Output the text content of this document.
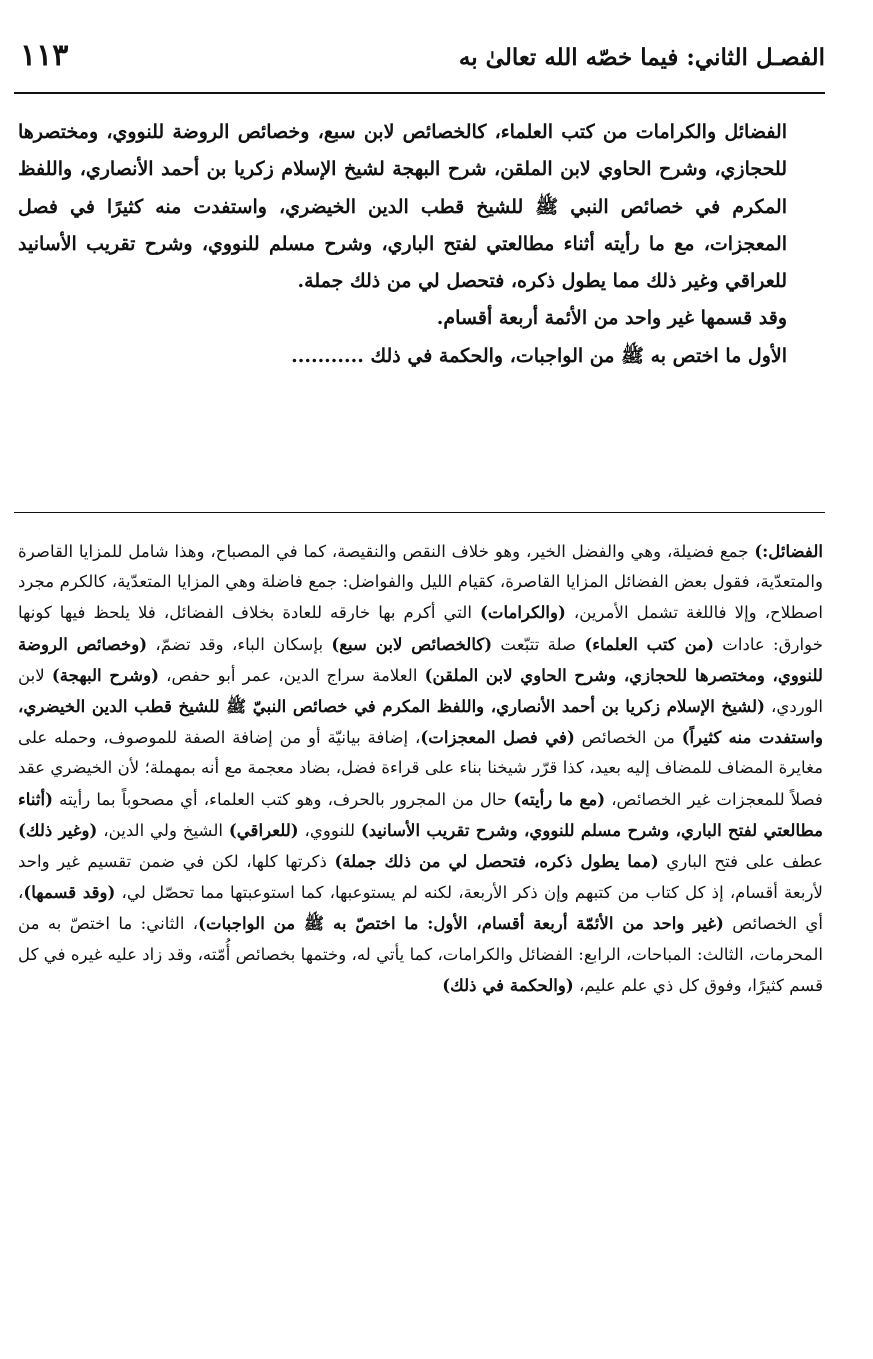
الفصـل الثاني: فيما خصّه الله تعالىٰ به
١١٣

الفضائل والكرامات من كتب العلماء، كالخصائص لابن سبع، وخصائص الروضة للنووي، ومختصرها للحجازي، وشرح الحاوي لابن الملقن، شرح البهجة لشيخ الإسلام زكريا بن أحمد الأنصاري، واللفظ المكرم في خصائص النبي ﷺ للشيخ قطب الدين الخيضري، واستفدت منه كثيرًا في فصل المعجزات، مع ما رأيته أثناء مطالعتي لفتح الباري، وشرح مسلم للنووي، وشرح تقريب الأسانيد للعراقي وغير ذلك مما يطول ذكره، فتحصل لي من ذلك جملة.

وقد قسمها غير واحد من الأئمة أربعة أقسام.

الأول ما اختص به ﷺ من الواجبات، والحكمة في ذلك ...........

الفضائل:) جمع فضيلة، وهي والفضل الخير، وهو خلاف النقص والنقيصة، كما في المصباح، وهذا شامل للمزايا القاصرة والمتعدّية، فقول بعض الفضائل المزايا القاصرة، كقيام الليل والفواضل: جمع فاضلة وهي المزايا المتعدّية، كالكرم مجرد اصطلاح، وإلا فاللغة تشمل الأمرين، (والكرامات) التي أكرم بها خارقه للعادة بخلاف الفضائل، فلا يلحظ فيها كونها خوارق: عادات (من كتب العلماء) صلة تتبّعت (كالخصائص لابن سبع) بإسكان الباء، وقد تضمّ، (وخصائص الروضة للنووي، ومختصرها للحجازي، وشرح الحاوي لابن الملقن) العلامة سراج الدين، عمر أبو حفص، (وشرح البهجة) لابن الوردي، (لشيخ الإسلام زكريا بن أحمد الأنصاري، واللفظ المكرم في خصائص النبيّ ﷺ للشيخ قطب الدين الخيضري، واستفدت منه كثيراً) من الخصائص (في فصل المعجزات)، إضافة بيانيّة أو من إضافة الصفة للموصوف، وحمله على مغايرة المضاف للمضاف إليه بعيد، كذا قرّر شيخنا بناء على قراءة فضل، بضاد معجمة مع أنه بمهملة؛ لأن الخيضري عقد فصلاً للمعجزات غير الخصائص، (مع ما رأيته) حال من المجرور بالحرف، وهو كتب العلماء، أي مصحوباً بما رأيته (أثناء مطالعتي لفتح الباري، وشرح مسلم للنووي، وشرح تقريب الأسانيد) للنووي، (للعراقي) الشيخ ولي الدين، (وغير ذلك) عطف على فتح الباري (مما يطول ذكره، فتحصل لي من ذلك جملة) ذكرتها كلها، لكن في ضمن تقسيم غير واحد لأربعة أقسام، إذ كل كتاب من كتبهم وإن ذكر الأربعة، لكنه لم يستوعبها، كما استوعبتها مما تحصّل لي، (وقد قسمها)، أي الخصائص (غير واحد من الأئمّة أربعة أقسام، الأول: ما اختصّ به ﷺ من الواجبات)، الثاني: ما اختصّ به من المحرمات، الثالث: المباحات، الرابع: الفضائل والكرامات، كما يأتي له، وختمها بخصائص أُمّته، وقد زاد عليه غيره في كل قسم كثيرًا، وفوق كل ذي علم عليم، (والحكمة في ذلك)
